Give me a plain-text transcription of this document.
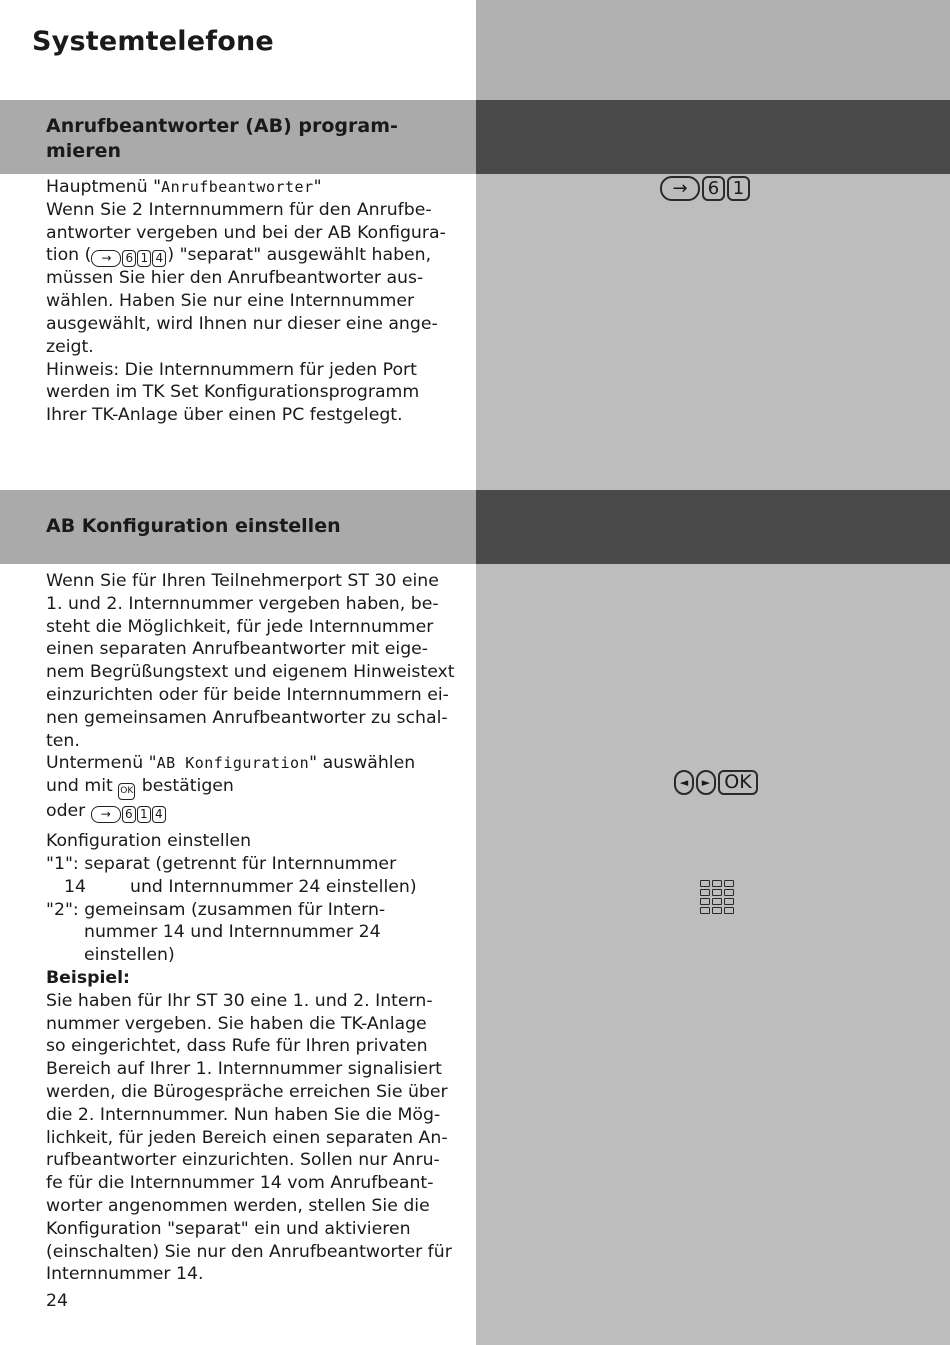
Systemtelefone
Anrufbeantworter (AB) program-
mieren

Hauptmenü "Anrufbeantworter"

Wenn Sie 2 Internnummern für den Anrufbe-

antworter vergeben und bei der AB Konfigura-

tion ( → 6 1 4 ) "separat" ausgewählt haben,

müssen Sie hier den Anrufbeantworter aus-

wählen. Haben Sie nur eine Internnummer

ausgewählt, wird Ihnen nur dieser eine ange-

zeigt.

Hinweis: Die Internnummern für jeden Port

werden im TK Set Konfigurationsprogramm

Ihrer TK-Anlage über einen PC festgelegt.

→ 6 1
AB Konfiguration einstellen

Wenn Sie für Ihren Teilnehmerport ST 30 eine

1. und 2. Internnummer vergeben haben, be-

steht die Möglichkeit, für jede Internnummer

einen separaten Anrufbeantworter mit eige-

nem Begrüßungstext und eigenem Hinweistext

einzurichten oder für beide Internnummern ei-

nen gemeinsamen Anrufbeantworter zu schal-

ten.

Untermenü "AB Konfiguration" auswählen

und mit OK bestätigen

oder → 6 1 4

Konfiguration einstellen

"1": separat (getrennt für Internnummer

14	und Internnummer 24 einstellen)

"2": gemeinsam (zusammen für Intern-

nummer 14 und Internnummer 24

einstellen)

Beispiel:

Sie haben für Ihr ST 30 eine 1. und 2. Intern-

nummer vergeben. Sie haben die TK-Anlage

so eingerichtet, dass Rufe für Ihren privaten

Bereich auf Ihrer 1. Internnummer signalisiert

werden, die Bürogespräche erreichen Sie über

die 2. Internnummer. Nun haben Sie die Mög-

lichkeit, für jeden Bereich einen separaten An-

rufbeantworter einzurichten. Sollen nur Anru-

fe für die Internnummer 14 vom Anrufbeant-

worter angenommen werden, stellen Sie die

Konfiguration "separat" ein und aktivieren

(einschalten) Sie nur den Anrufbeantworter für

Internnummer 14.

◄ ► OK

24
